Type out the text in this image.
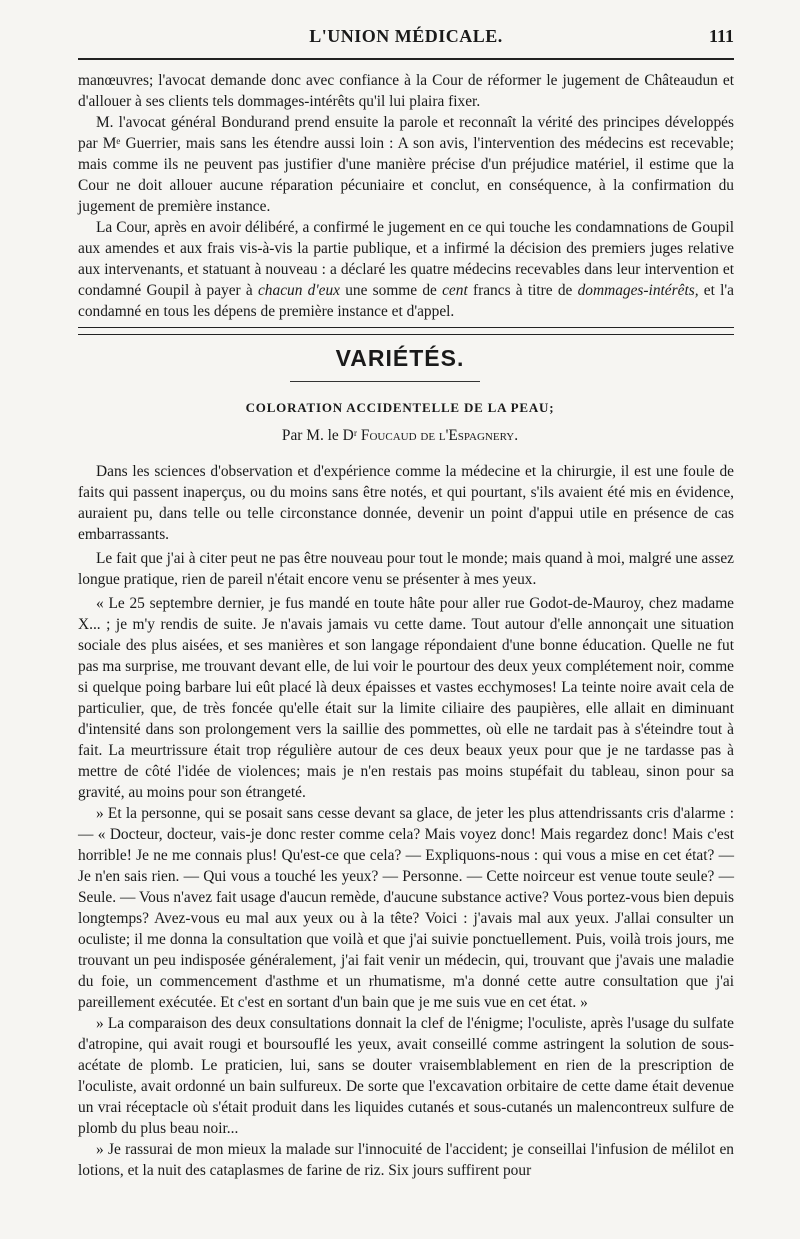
L'UNION MÉDICALE.	111

manœuvres; l'avocat demande donc avec confiance à la Cour de réformer le jugement de Châteaudun et d'allouer à ses clients tels dommages-intérêts qu'il lui plaira fixer.

M. l'avocat général Bondurand prend ensuite la parole et reconnaît la vérité des principes développés par Mᵉ Guerrier, mais sans les étendre aussi loin : A son avis, l'intervention des médecins est recevable; mais comme ils ne peuvent pas justifier d'une manière précise d'un préjudice matériel, il estime que la Cour ne doit allouer aucune réparation pécuniaire et conclut, en conséquence, à la confirmation du jugement de première instance.

La Cour, après en avoir délibéré, a confirmé le jugement en ce qui touche les condamnations de Goupil aux amendes et aux frais vis-à-vis la partie publique, et a infirmé la décision des premiers juges relative aux intervenants, et statuant à nouveau : a déclaré les quatre médecins recevables dans leur intervention et condamné Goupil à payer à chacun d'eux une somme de cent francs à titre de dommages-intérêts, et l'a condamné en tous les dépens de première instance et d'appel.

VARIÉTÉS.
COLORATION ACCIDENTELLE DE LA PEAU;
Par M. le Dʳ Foucaud de l'Espagnery.

Dans les sciences d'observation et d'expérience comme la médecine et la chirurgie, il est une foule de faits qui passent inaperçus, ou du moins sans être notés, et qui pourtant, s'ils avaient été mis en évidence, auraient pu, dans telle ou telle circonstance donnée, devenir un point d'appui utile en présence de cas embarrassants.

Le fait que j'ai à citer peut ne pas être nouveau pour tout le monde; mais quand à moi, malgré une assez longue pratique, rien de pareil n'était encore venu se présenter à mes yeux.

« Le 25 septembre dernier, je fus mandé en toute hâte pour aller rue Godot-de-Mauroy, chez madame X... ; je m'y rendis de suite. Je n'avais jamais vu cette dame. Tout autour d'elle annonçait une situation sociale des plus aisées, et ses manières et son langage répondaient d'une bonne éducation. Quelle ne fut pas ma surprise, me trouvant devant elle, de lui voir le pourtour des deux yeux complétement noir, comme si quelque poing barbare lui eût placé là deux épaisses et vastes ecchymoses! La teinte noire avait cela de particulier, que, de très foncée qu'elle était sur la limite ciliaire des paupières, elle allait en diminuant d'intensité dans son prolongement vers la saillie des pommettes, où elle ne tardait pas à s'éteindre tout à fait. La meurtrissure était trop régulière autour de ces deux beaux yeux pour que je ne tardasse pas à mettre de côté l'idée de violences; mais je n'en restais pas moins stupéfait du tableau, sinon pour sa gravité, au moins pour son étrangeté.

» Et la personne, qui se posait sans cesse devant sa glace, de jeter les plus attendrissants cris d'alarme : — « Docteur, docteur, vais-je donc rester comme cela? Mais voyez donc! Mais regardez donc! Mais c'est horrible! Je ne me connais plus! Qu'est-ce que cela? — Expliquons-nous : qui vous a mise en cet état? — Je n'en sais rien. — Qui vous a touché les yeux? — Personne. — Cette noirceur est venue toute seule? — Seule. — Vous n'avez fait usage d'aucun remède, d'aucune substance active? Vous portez-vous bien depuis longtemps? Avez-vous eu mal aux yeux ou à la tête? Voici : j'avais mal aux yeux. J'allai consulter un oculiste; il me donna la consultation que voilà et que j'ai suivie ponctuellement. Puis, voilà trois jours, me trouvant un peu indisposée généralement, j'ai fait venir un médecin, qui, trouvant que j'avais une maladie du foie, un commencement d'asthme et un rhumatisme, m'a donné cette autre consultation que j'ai pareillement exécutée. Et c'est en sortant d'un bain que je me suis vue en cet état. »

» La comparaison des deux consultations donnait la clef de l'énigme; l'oculiste, après l'usage du sulfate d'atropine, qui avait rougi et boursouflé les yeux, avait conseillé comme astringent la solution de sous-acétate de plomb. Le praticien, lui, sans se douter vraisemblablement en rien de la prescription de l'oculiste, avait ordonné un bain sulfureux. De sorte que l'excavation orbitaire de cette dame était devenue un vrai réceptacle où s'était produit dans les liquides cutanés et sous-cutanés un malencontreux sulfure de plomb du plus beau noir...

» Je rassurai de mon mieux la malade sur l'innocuité de l'accident; je conseillai l'infusion de mélilot en lotions, et la nuit des cataplasmes de farine de riz. Six jours suffirent pour
